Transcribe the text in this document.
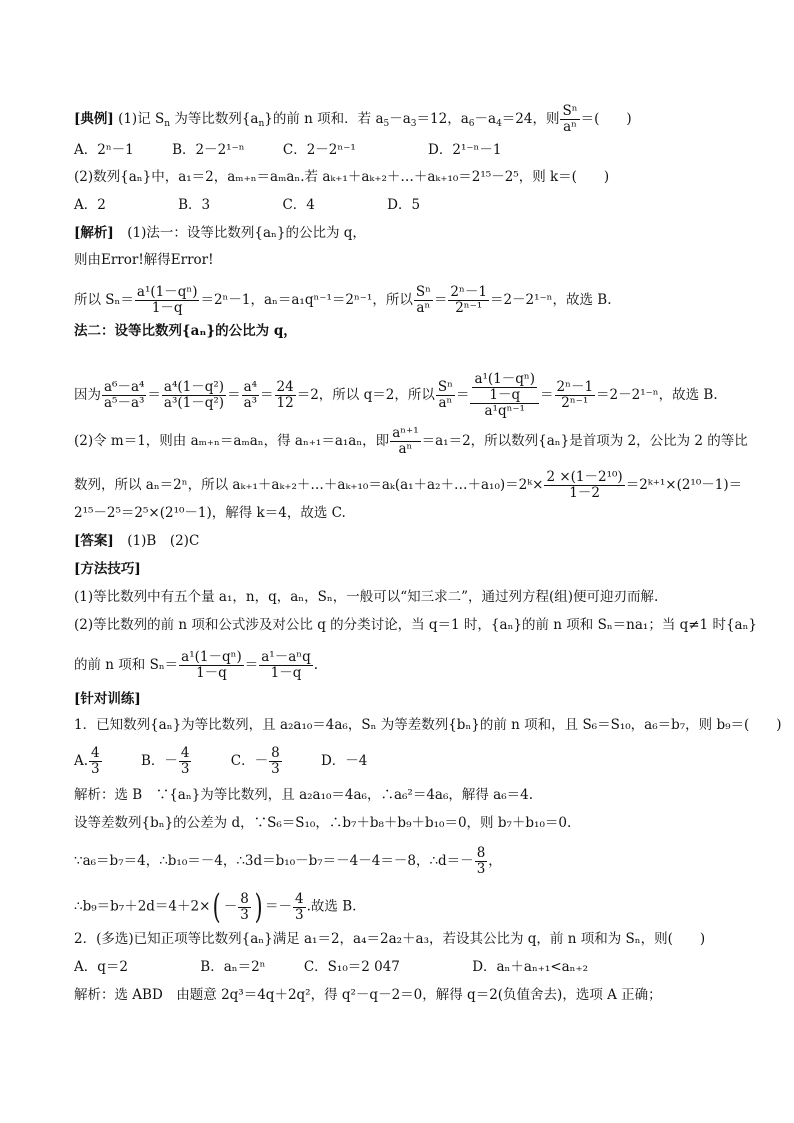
[典例] (1)记 $S_n$ 为等比数列$\{a_n\}$的前 n 项和．若 $a_5-a_3=12$，$a_6-a_4=24$，则 $\frac{\text{Sⁿ}}{\text{aⁿ}}$ ＝(　　)
A．2ⁿ－1	B．2－2¹⁻ⁿ	C．2－2ⁿ⁻¹	D．2¹⁻ⁿ－1
(2)数列{aₙ}中，a₁＝2，aₘ₊ₙ＝aₘaₙ.若 aₖ₊₁＋aₖ₊₂＋…＋aₖ₊₁₀＝2¹⁵－2⁵，则 k＝(　　)
A．2	B．3	C．4	D．5
[解析]　 (1)法一：设等比数列{aₙ}的公比为 q，
则由Error!解得Error!
所以 $S_n= \frac{\text{a¹(1－qⁿ)}}{1-q} =2^n-1$，aₙ＝a₁qⁿ⁻¹＝2ⁿ⁻¹，所以 $\frac{\text{Sⁿ}}{\text{aⁿ}} = \frac{\text{2ⁿ－1}}{\text{2ⁿ⁻¹}} =2-2^{1-n}$，故选 B.
法二：设等比数列{aₙ}的公比为 q，
因为 $\frac{\text{a⁶－a⁴}}{\text{a⁵－a³}} = \frac{\text{a⁴(1－q²)}}{\text{a³(1－q²)}} = \frac{\text{a⁴}}{\text{a³}} = \frac{24}{12} =2$，所以 q＝2，所以 $\frac{\text{Sⁿ}}{\text{aⁿ}} = \frac{\frac{\text{a¹(1－qⁿ)}}{1-q}}{\text{a¹qⁿ⁻¹}} = \frac{\text{2ⁿ－1}}{\text{2ⁿ⁻¹}} =2-2^{1-n}$，故选 B.
(2)令 m＝1，则由 aₘ₊ₙ＝aₘaₙ，得 aₙ₊₁＝a₁aₙ，即 $\frac{\text{aⁿ⁺¹}}{\text{aⁿ}} =a_1=2$，所以数列{aₙ}是首项为 2，公比为 2 的等比
数列，所以 aₙ＝2ⁿ，所以 aₖ₊₁＋aₖ₊₂＋…＋aₖ₊₁₀＝aₖ(a₁＋a₂＋…＋a₁₀)＝2ᵏ× $\frac{\text{2 ×(1－2¹⁰)}}{1-2}$ ＝2ᵏ⁺¹×(2¹⁰－1)＝
2¹⁵－2⁵＝2⁵×(2¹⁰－1)，解得 k＝4，故选 C.
[答案]　 (1)B　(2)C
[方法技巧]
(1)等比数列中有五个量 a₁，n，q，aₙ，Sₙ，一般可以“知三求二”，通过列方程(组)便可迎刃而解.
(2)等比数列的前 n 项和公式涉及对公比 q 的分类讨论，当 q＝1 时，{aₙ}的前 n 项和 Sₙ＝na₁；当 q≠1 时{aₙ}
的前 n 项和 $S_n= \frac{\text{a¹(1－qⁿ)}}{1-q} = \frac{\text{a¹－aⁿq}}{1-q}$ .
[针对训练]
1．已知数列{aₙ}为等比数列，且 a₂a₁₀＝4a₆，Sₙ 为等差数列{bₙ}的前 n 项和，且 S₆＝S₁₀，a₆＝b₇，则 b₉＝(　　)
A. $\frac{4}{3}$	B．－ $\frac{4}{3}$	C．－ $\frac{8}{3}$	D．－4
解析：选 B　∵{aₙ}为等比数列，且 a₂a₁₀＝4a₆，∴a₆²＝4a₆，解得 a₆＝4.
设等差数列{bₙ}的公差为 d，∵S₆＝S₁₀，∴b₇＋b₈＋b₉＋b₁₀＝0，则 b₇＋b₁₀＝0.
∵a₆＝b₇＝4，∴b₁₀＝－4，∴3d＝b₁₀－b₇＝－4－4＝－8，∴d＝－ $\frac{8}{3}$ ，
∴b₉＝b₇＋2d＝4＋2×( － $\frac{8}{3}$ ) ＝－ $\frac{4}{3}$ .故选 B.
2．(多选)已知正项等比数列{aₙ}满足 a₁＝2，a₄＝2a₂＋a₃，若设其公比为 q，前 n 项和为 Sₙ，则(　　)
A．q＝2	B．aₙ＝2ⁿ	C．S₁₀＝2 047	D．aₙ＋aₙ₊₁<aₙ₊₂
解析：选 ABD　由题意 2q³＝4q＋2q²，得 q²－q－2＝0，解得 q＝2(负值舍去)，选项 A 正确；
